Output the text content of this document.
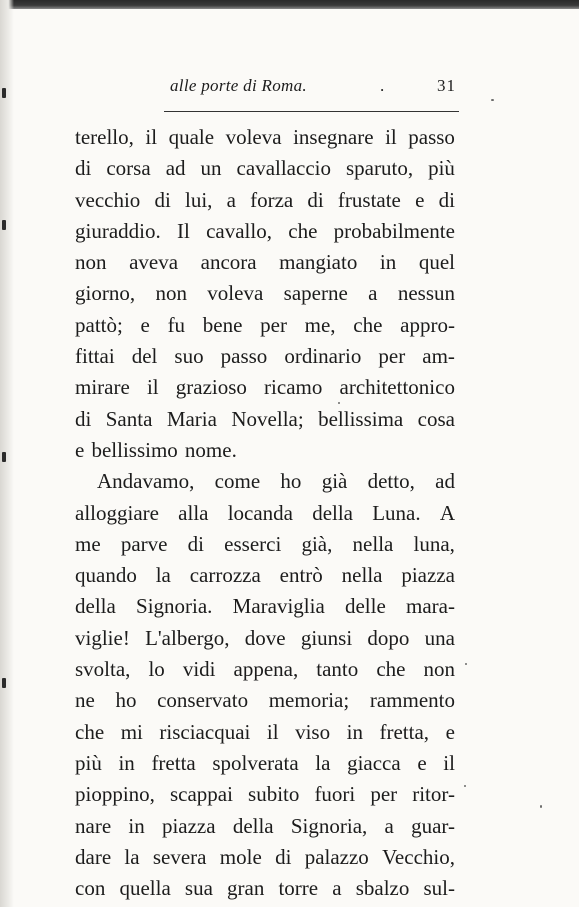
alle porte di Roma.	.	31
terello, il quale voleva insegnare il passo
di corsa ad un cavallaccio sparuto, più
vecchio di lui, a forza di frustate e di
giuraddio. Il cavallo, che probabilmente
non aveva ancora mangiato in quel
giorno, non voleva saperne a nessun
pattò; e fu bene per me, che appro-
fittai del suo passo ordinario per am-
mirare il grazioso ricamo architettonico
di Santa Maria Novella; bellissima cosa
e bellissimo nome.
Andavamo, come ho già detto, ad
alloggiare alla locanda della Luna. A
me parve di esserci già, nella luna,
quando la carrozza entrò nella piazza
della Signoria. Maraviglia delle mara-
viglie! L'albergo, dove giunsi dopo una
svolta, lo vidi appena, tanto che non
ne ho conservato memoria; rammento
che mi risciacquai il viso in fretta, e
più in fretta spolverata la giacca e il
pioppino, scappai subito fuori per ritor-
nare in piazza della Signoria, a guar-
dare la severa mole di palazzo Vecchio,
con quella sua gran torre a sbalzo sul-
